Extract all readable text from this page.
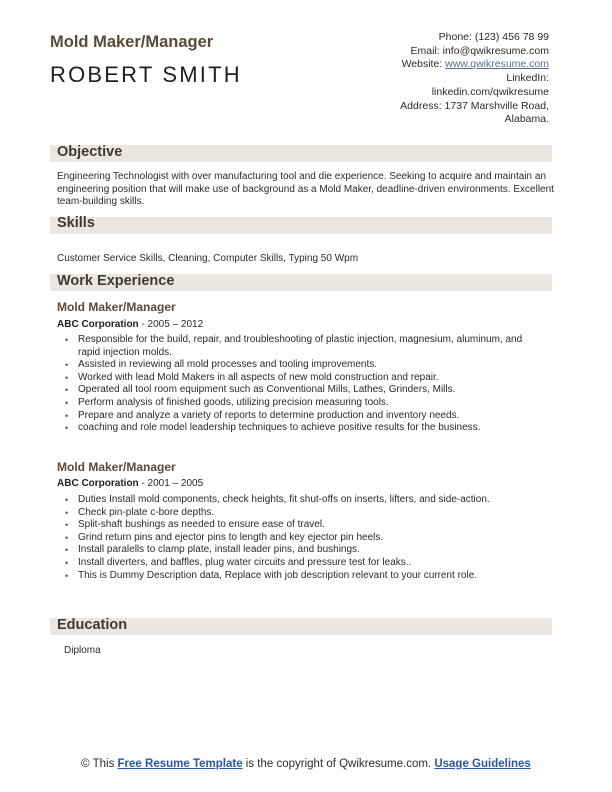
Mold Maker/Manager
ROBERT SMITH
Phone: (123) 456 78 99
Email: info@qwikresume.com
Website: www.qwikresume.com
LinkedIn:
linkedin.com/qwikresume
Address: 1737 Marshville Road,
Alabama.
Objective
Engineering Technologist with over manufacturing tool and die experience. Seeking to acquire and maintain an engineering position that will make use of background as a Mold Maker, deadline-driven environments. Excellent team-building skills.
Skills
Customer Service Skills, Cleaning, Computer Skills, Typing 50 Wpm
Work Experience
Mold Maker/Manager
ABC Corporation - 2005 – 2012
• Responsible for the build, repair, and troubleshooting of plastic injection, magnesium, aluminum, and rapid injection molds.
• Assisted in reviewing all mold processes and tooling improvements.
• Worked with lead Mold Makers in all aspects of new mold construction and repair.
• Operated all tool room equipment such as Conventional Mills, Lathes, Grinders, Mills.
• Perform analysis of finished goods, utilizing precision measuring tools.
• Prepare and analyze a variety of reports to determine production and inventory needs.
• coaching and role model leadership techniques to achieve positive results for the business.
Mold Maker/Manager
ABC Corporation - 2001 – 2005
• Duties Install mold components, check heights, fit shut-offs on inserts, lifters, and side-action.
• Check pin-plate c-bore depths.
• Split-shaft bushings as needed to ensure ease of travel.
• Grind return pins and ejector pins to length and key ejector pin heels.
• Install paralells to clamp plate, install leader pins, and bushings.
• Install diverters, and baffles, plug water circuits and pressure test for leaks..
• This is Dummy Description data, Replace with job description relevant to your current role.
Education
Diploma
© This Free Resume Template is the copyright of Qwikresume.com. Usage Guidelines
